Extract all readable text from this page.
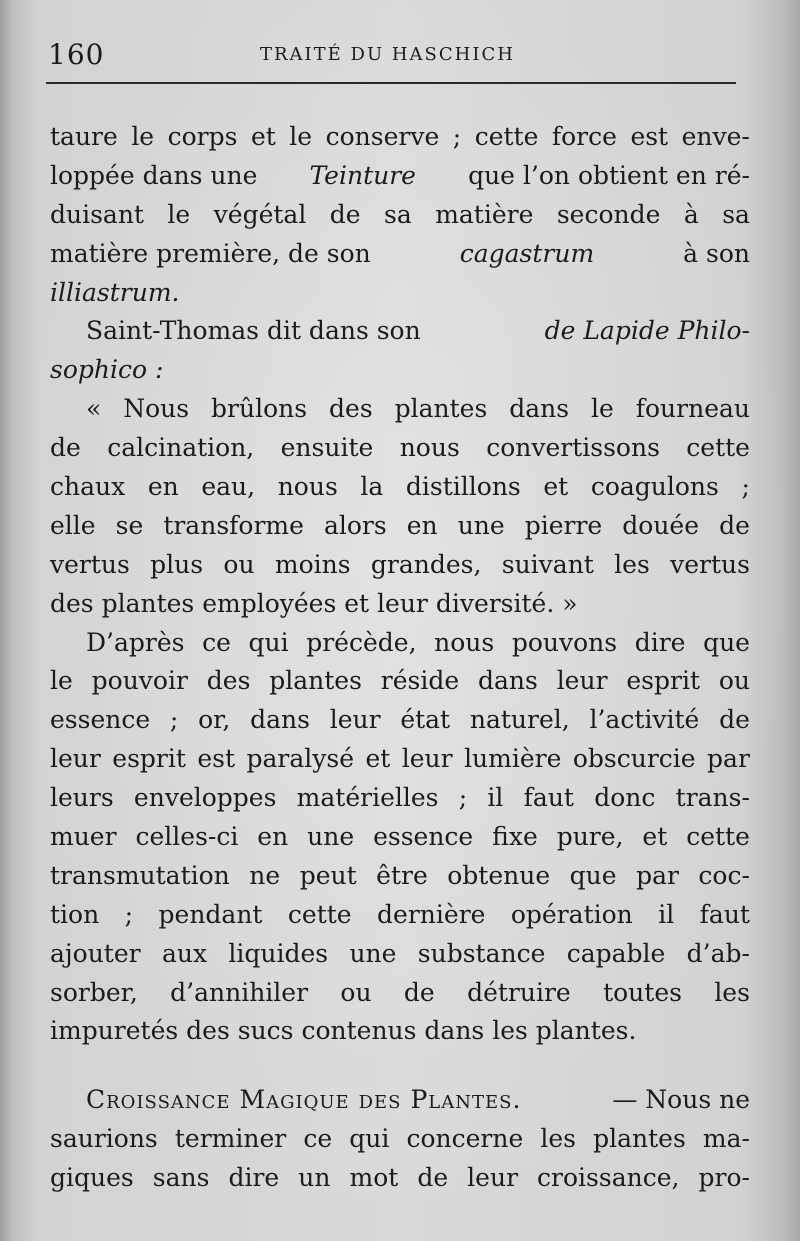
160	TRAITÉ DU HASCHICH
taure le corps et le conserve ; cette force est enve-
loppée dans une Teinture que l’on obtient en ré-
duisant le végétal de sa matière seconde à sa
matière première, de son	cagastrum	à son
illiastrum.
Saint-Thomas dit dans son	de Lapide Philo-
sophico :
« Nous brûlons des plantes dans le fourneau
de calcination, ensuite nous convertissons cette
chaux en eau, nous la distillons et coagulons ;
elle se transforme alors en une pierre douée de
vertus plus ou moins grandes, suivant les vertus
des plantes employées et leur diversité. »
D’après ce qui précède, nous pouvons dire que
le pouvoir des plantes réside dans leur esprit ou
essence ; or, dans leur état naturel, l’activité de
leur esprit est paralysé et leur lumière obscurcie par
leurs enveloppes matérielles ; il faut donc trans-
muer celles-ci en une essence fixe pure, et cette
transmutation ne peut être obtenue que par coc-
tion ; pendant cette dernière opération il faut
ajouter aux liquides une substance capable d’ab-
sorber, d’annihiler ou de détruire toutes les
impuretés des sucs contenus dans les plantes.
Croissance Magique des Plantes.	— Nous ne
saurions terminer ce qui concerne les plantes ma-
giques sans dire un mot de leur croissance, pro-
